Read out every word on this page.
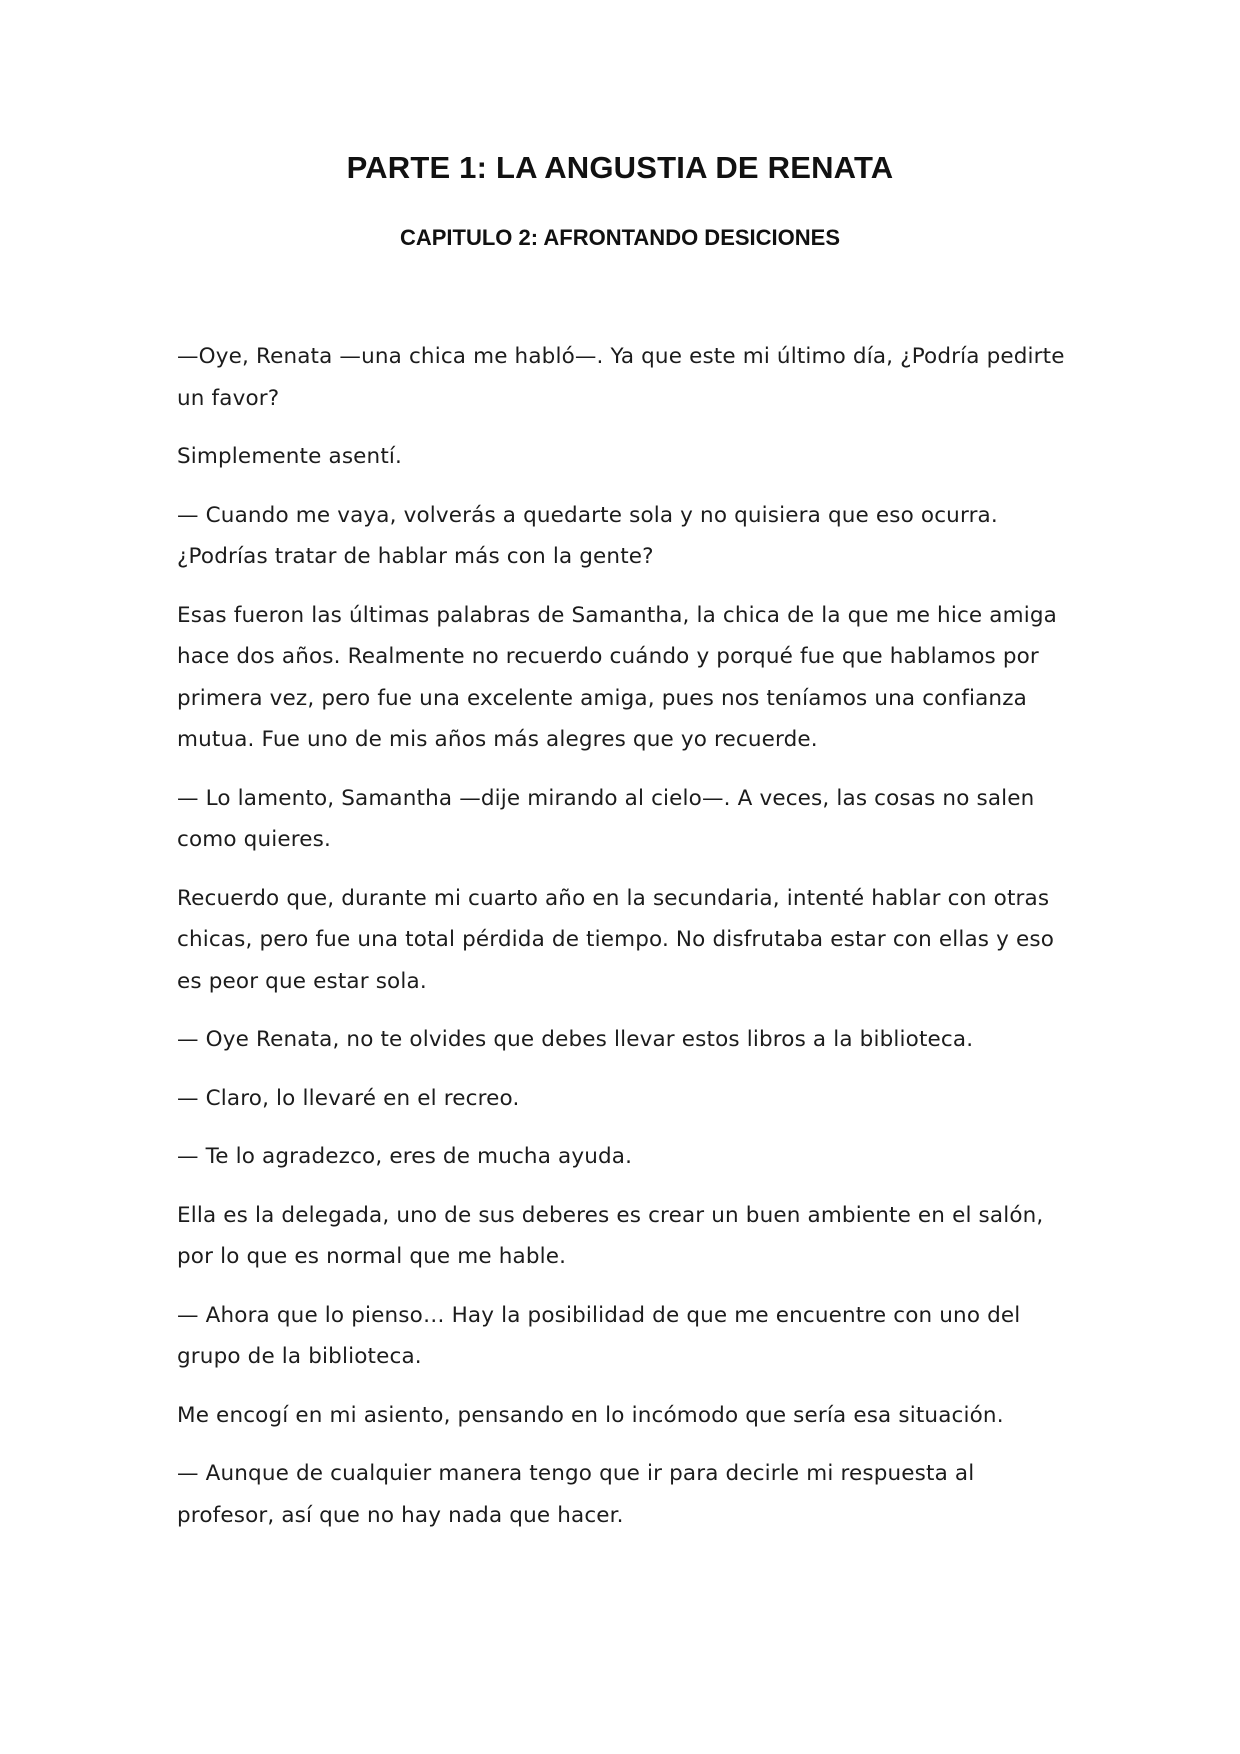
PARTE 1: LA ANGUSTIA DE RENATA
CAPITULO 2: AFRONTANDO DESICIONES

—Oye, Renata —una chica me habló—. Ya que este mi último día, ¿Podría pedirte un favor?

Simplemente asentí.

— Cuando me vaya, volverás a quedarte sola y no quisiera que eso ocurra. ¿Podrías tratar de hablar más con la gente?

Esas fueron las últimas palabras de Samantha, la chica de la que me hice amiga hace dos años. Realmente no recuerdo cuándo y porqué fue que hablamos por primera vez, pero fue una excelente amiga, pues nos teníamos una confianza mutua. Fue uno de mis años más alegres que yo recuerde.

— Lo lamento, Samantha —dije mirando al cielo—. A veces, las cosas no salen como quieres.

Recuerdo que, durante mi cuarto año en la secundaria, intenté hablar con otras chicas, pero fue una total pérdida de tiempo. No disfrutaba estar con ellas y eso es peor que estar sola.

— Oye Renata, no te olvides que debes llevar estos libros a la biblioteca.

— Claro, lo llevaré en el recreo.

— Te lo agradezco, eres de mucha ayuda.

Ella es la delegada, uno de sus deberes es crear un buen ambiente en el salón, por lo que es normal que me hable.

— Ahora que lo pienso… Hay la posibilidad de que me encuentre con uno del grupo de la biblioteca.

Me encogí en mi asiento, pensando en lo incómodo que sería esa situación.

— Aunque de cualquier manera tengo que ir para decirle mi respuesta al profesor, así que no hay nada que hacer.
